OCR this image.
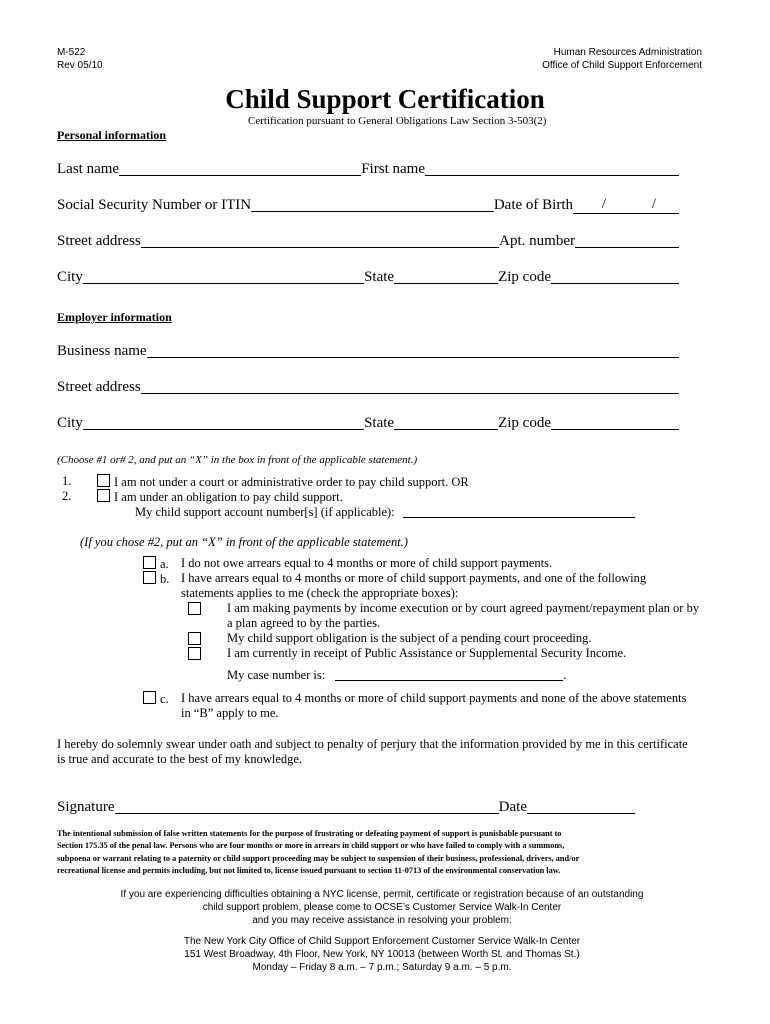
M-522
Rev 05/10
Human Resources Administration
Office of Child Support Enforcement
Child Support Certification
Certification pursuant to General Obligations Law Section 3-503(2)
Personal information
Last name	First name
Social Security Number or ITIN	Date of Birth /	/
Street address	Apt. number
City	State	Zip code
Employer information
Business name
Street address
City	State	Zip code
(Choose #1 or# 2, and put an “X” in the box in front of the applicable statement.)
1.	I am not under a court or administrative order to pay child support. OR
2.	I am under an obligation to pay child support.
My child support account number[s] (if applicable):
(If you chose #2, put an “X” in front of the applicable statement.)
a. I do not owe arrears equal to 4 months or more of child support payments.
b. I have arrears equal to 4 months or more of child support payments, and one of the following
statements applies to me (check the appropriate boxes):
I am making payments by income execution or by court agreed payment/repayment plan or by
a plan agreed to by the parties.
My child support obligation is the subject of a pending court proceeding.
I am currently in receipt of Public Assistance or Supplemental Security Income.
My case number is:	.
c. I have arrears equal to 4 months or more of child support payments and none of the above statements
in “B” apply to me.
I hereby do solemnly swear under oath and subject to penalty of perjury that the information provided by me in this certificate
is true and accurate to the best of my knowledge.
Signature	Date
The intentional submission of false written statements for the purpose of frustrating or defeating payment of support is punishable pursuant to
Section 175.35 of the penal law. Persons who are four months or more in arrears in child support or who have failed to comply with a summons,
subpoena or warrant relating to a paternity or child support proceeding may be subject to suspension of their business, professional, drivers, and/or
recreational license and permits including, but not limited to, license issued pursuant to section 11-0713 of the environmental conservation law.
If you are experiencing difficulties obtaining a NYC license, permit, certificate or registration because of an outstanding
child support problem, please come to OCSE’s Customer Service Walk-In Center
and you may receive assistance in resolving your problem:
The New York City Office of Child Support Enforcement Customer Service Walk-In Center
151 West Broadway, 4th Floor, New York, NY 10013 (between Worth St. and Thomas St.)
Monday – Friday 8 a.m. – 7 p.m.; Saturday 9 a.m. – 5 p.m.
